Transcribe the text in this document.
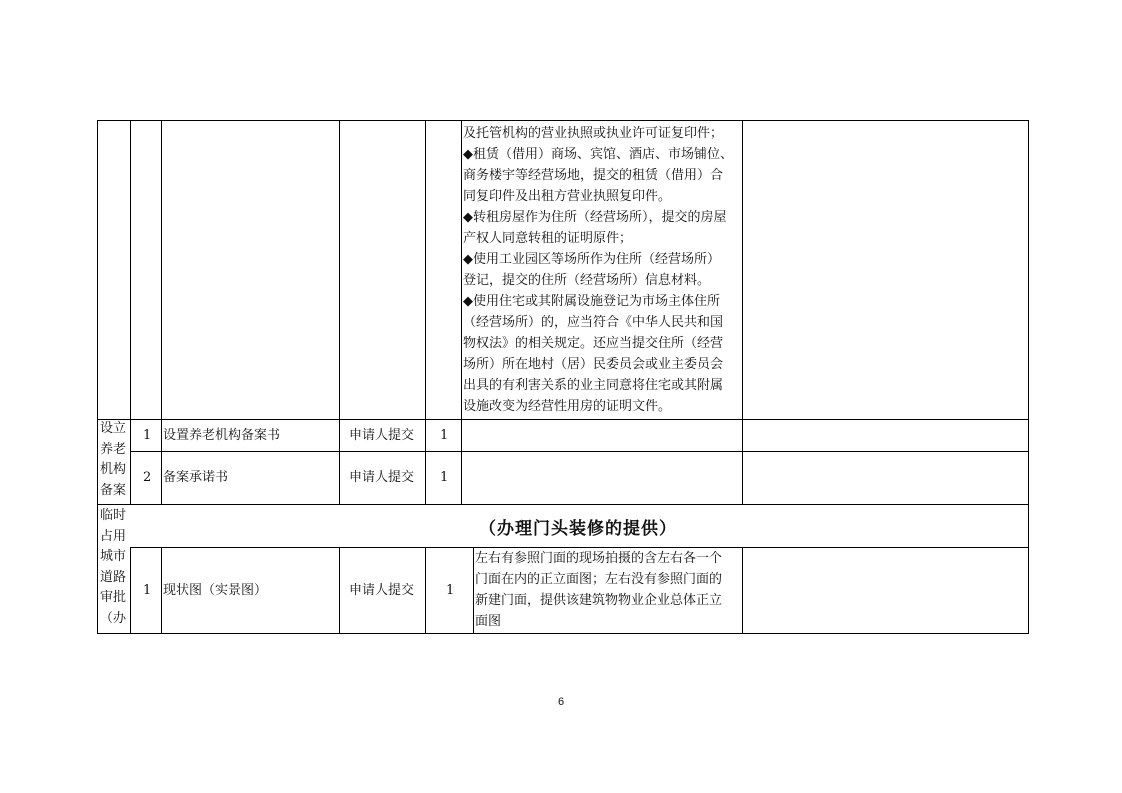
及托管机构的营业执照或执业许可证复印件；
◆租赁（借用）商场、宾馆、酒店、市场铺位、
商务楼宇等经营场地，提交的租赁（借用）合
同复印件及出租方营业执照复印件。
◆转租房屋作为住所（经营场所），提交的房屋
产权人同意转租的证明原件；
◆使用工业园区等场所作为住所（经营场所）
登记，提交的住所（经营场所）信息材料。
◆使用住宅或其附属设施登记为市场主体住所
（经营场所）的，应当符合《中华人民共和国
物权法》的相关规定。还应当提交住所（经营
场所）所在地村（居）民委员会或业主委员会
出具的有利害关系的业主同意将住宅或其附属
设施改变为经营性用房的证明文件。
设立
养老
机构
备案
1 设置养老机构备案书	申请人提交 1
2 备案承诺书	申请人提交 1
临时
占用
城市
道路
审批
（办
（办理门头装修的提供）
1 现状图（实景图）	申请人提交 1
左右有参照门面的现场拍摄的含左右各一个
门面在内的正立面图；左右没有参照门面的
新建门面，提供该建筑物物业企业总体正立
面图
6
